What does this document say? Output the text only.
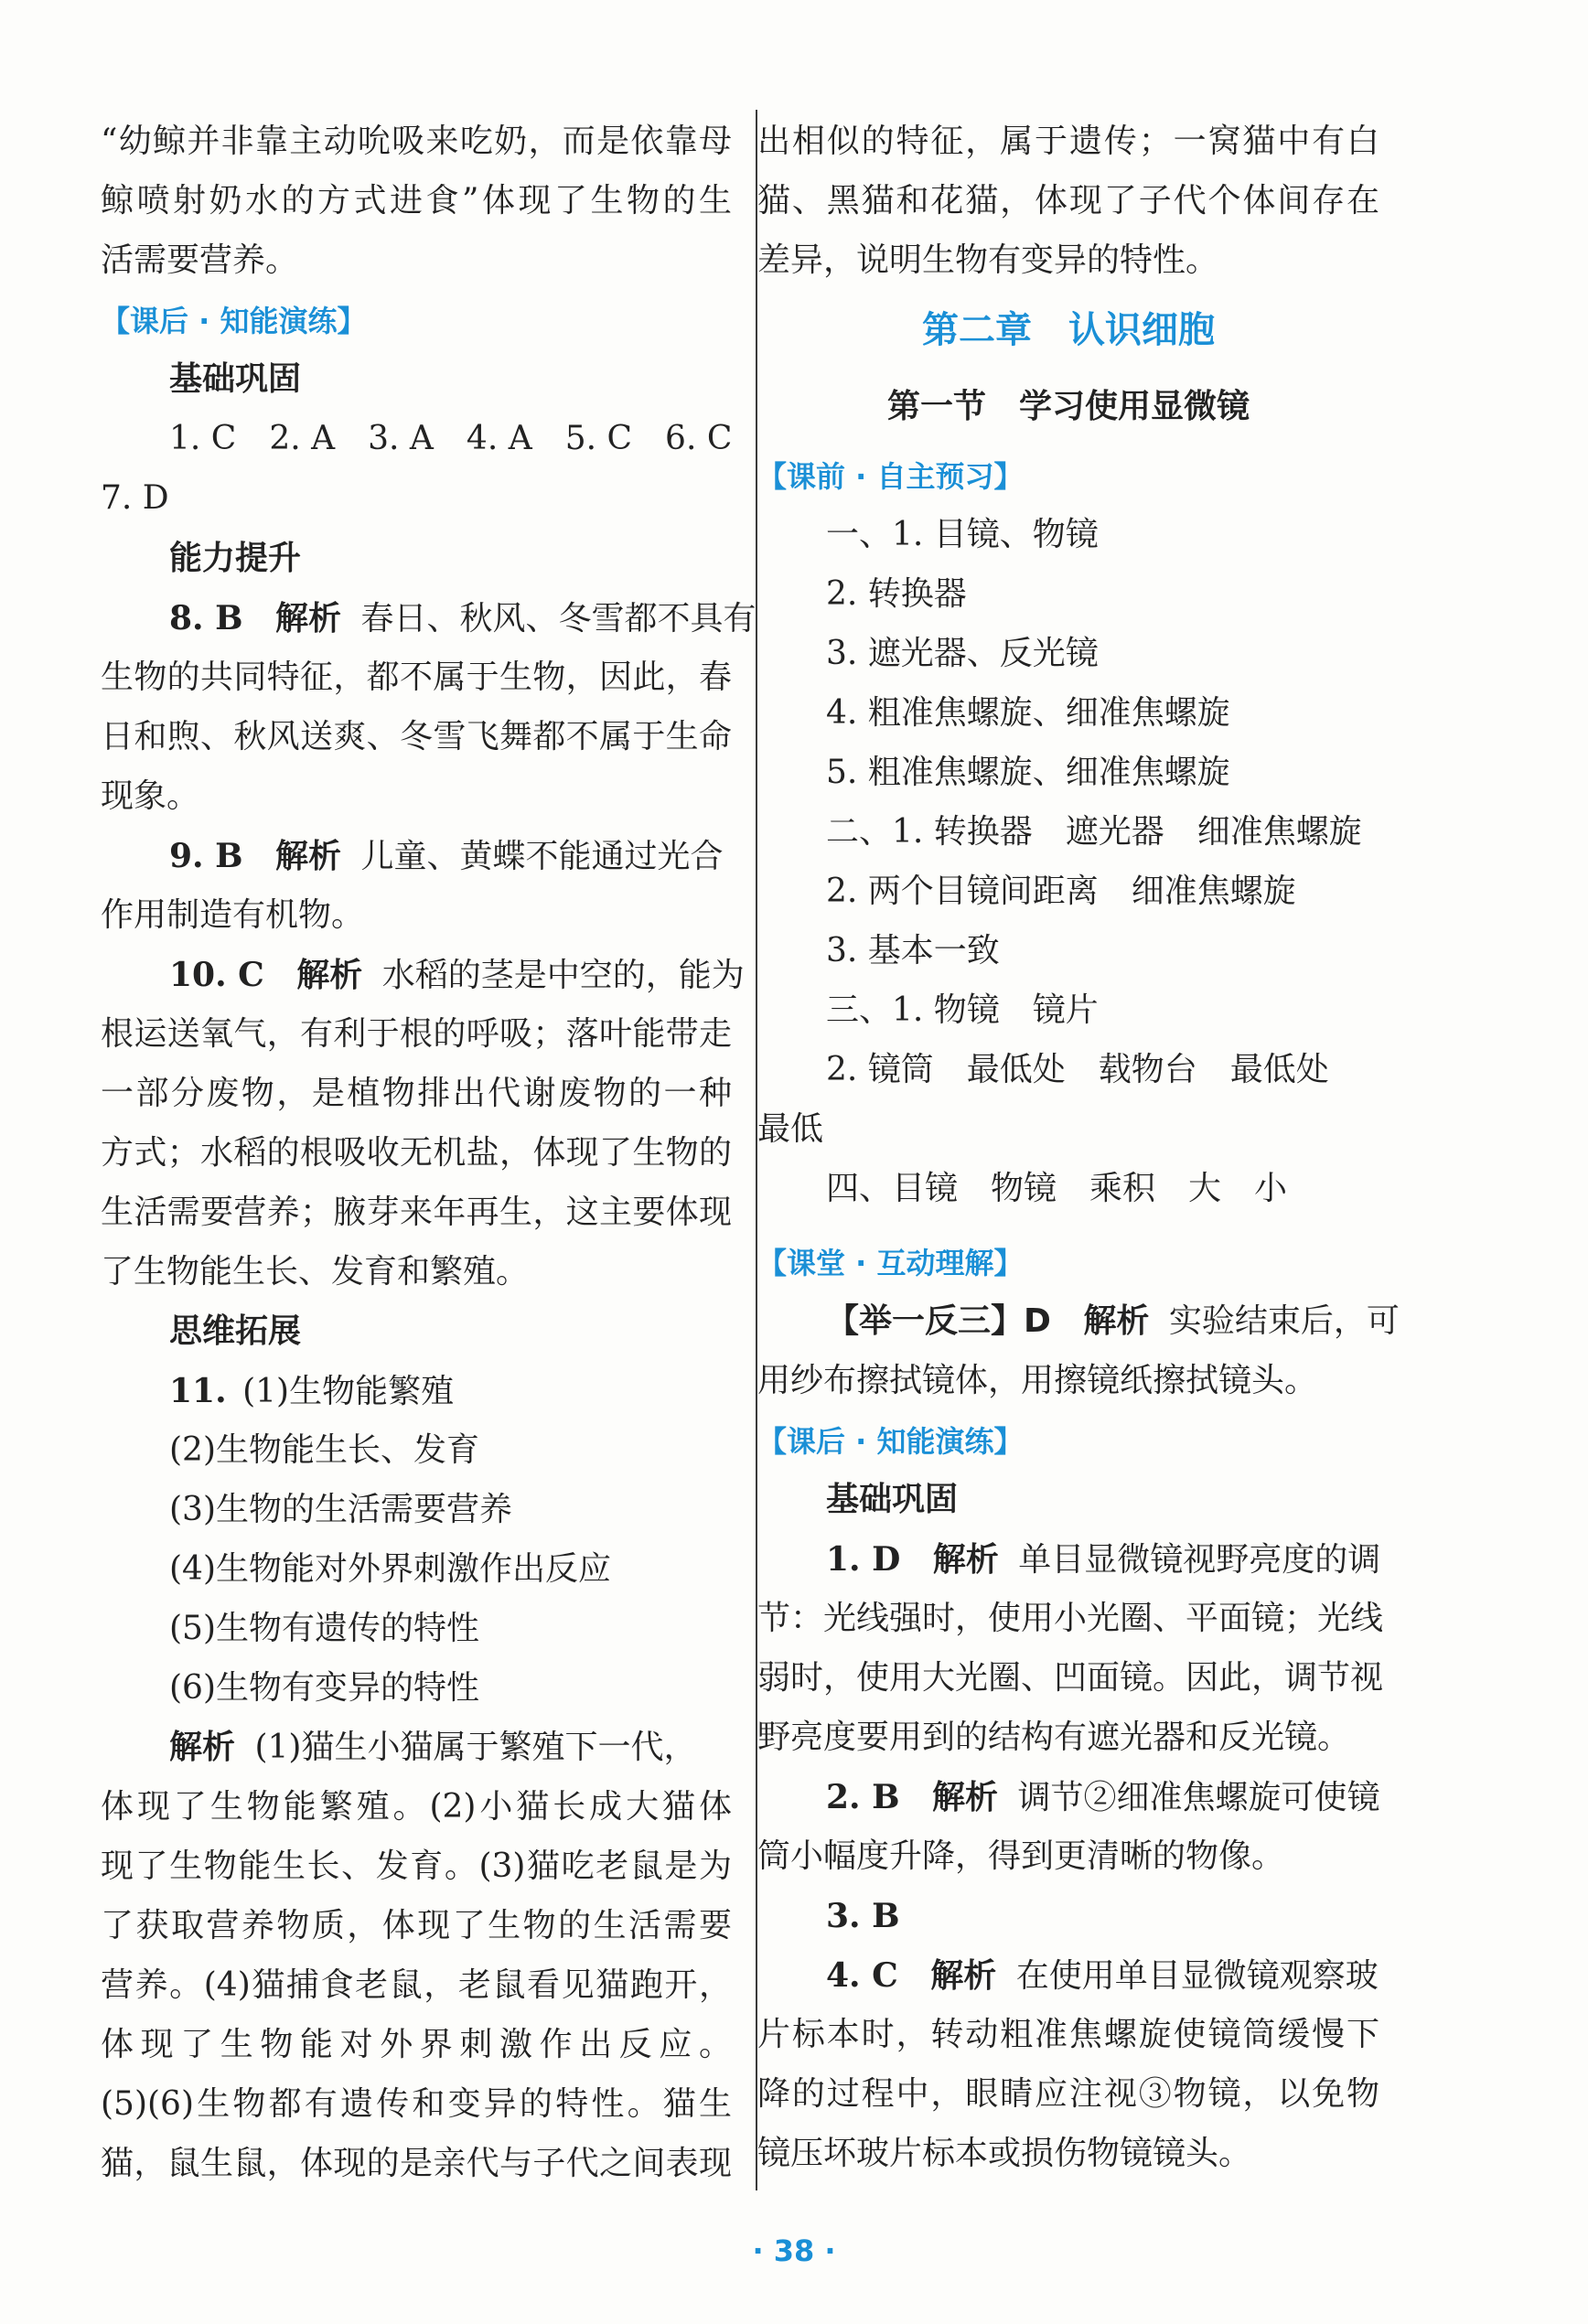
“幼鲸并非靠主动吮吸来吃奶，而是依靠母
鲸喷射奶水的方式进食”体现了生物的生
活需要营养。
【课后 · 知能演练】
基础巩固
1. C　2. A　3. A　4. A　5. C　6. C
7. D
能力提升
8. B 解析 春日、秋风、冬雪都不具有
生物的共同特征，都不属于生物，因此，春
日和煦、秋风送爽、冬雪飞舞都不属于生命
现象。
9. B 解析 儿童、黄蝶不能通过光合
作用制造有机物。
10. C 解析 水稻的茎是中空的，能为
根运送氧气，有利于根的呼吸；落叶能带走
一部分废物，是植物排出代谢废物的一种
方式；水稻的根吸收无机盐，体现了生物的
生活需要营养；腋芽来年再生，这主要体现
了生物能生长、发育和繁殖。
思维拓展
11. (1)生物能繁殖
(2)生物能生长、发育
(3)生物的生活需要营养
(4)生物能对外界刺激作出反应
(5)生物有遗传的特性
(6)生物有变异的特性
解析 (1)猫生小猫属于繁殖下一代，
体现了生物能繁殖。(2)小猫长成大猫体
现了生物能生长、发育。(3)猫吃老鼠是为
了获取营养物质，体现了生物的生活需要
营养。(4)猫捕食老鼠，老鼠看见猫跑开，
体现了生物能对外界刺激作出反应。
(5)(6)生物都有遗传和变异的特性。猫生
猫，鼠生鼠，体现的是亲代与子代之间表现
出相似的特征，属于遗传；一窝猫中有白
猫、黑猫和花猫，体现了子代个体间存在
差异，说明生物有变异的特性。
第二章　认识细胞
第一节　学习使用显微镜
【课前 · 自主预习】
一、1. 目镜、物镜
2. 转换器
3. 遮光器、反光镜
4. 粗准焦螺旋、细准焦螺旋
5. 粗准焦螺旋、细准焦螺旋
二、1. 转换器　遮光器　细准焦螺旋
2. 两个目镜间距离　细准焦螺旋
3. 基本一致
三、1. 物镜　镜片
2. 镜筒　最低处　载物台　最低处
最低
四、目镜　物镜　乘积　大　小
【课堂 · 互动理解】
【举一反三】D 解析 实验结束后，可
用纱布擦拭镜体，用擦镜纸擦拭镜头。
【课后 · 知能演练】
基础巩固
1. D 解析 单目显微镜视野亮度的调
节：光线强时，使用小光圈、平面镜；光线
弱时，使用大光圈、凹面镜。因此，调节视
野亮度要用到的结构有遮光器和反光镜。
2. B 解析 调节②细准焦螺旋可使镜
筒小幅度升降，得到更清晰的物像。
3. B
4. C 解析 在使用单目显微镜观察玻
片标本时，转动粗准焦螺旋使镜筒缓慢下
降的过程中，眼睛应注视③物镜，以免物
镜压坏玻片标本或损伤物镜镜头。
· 38 ·
